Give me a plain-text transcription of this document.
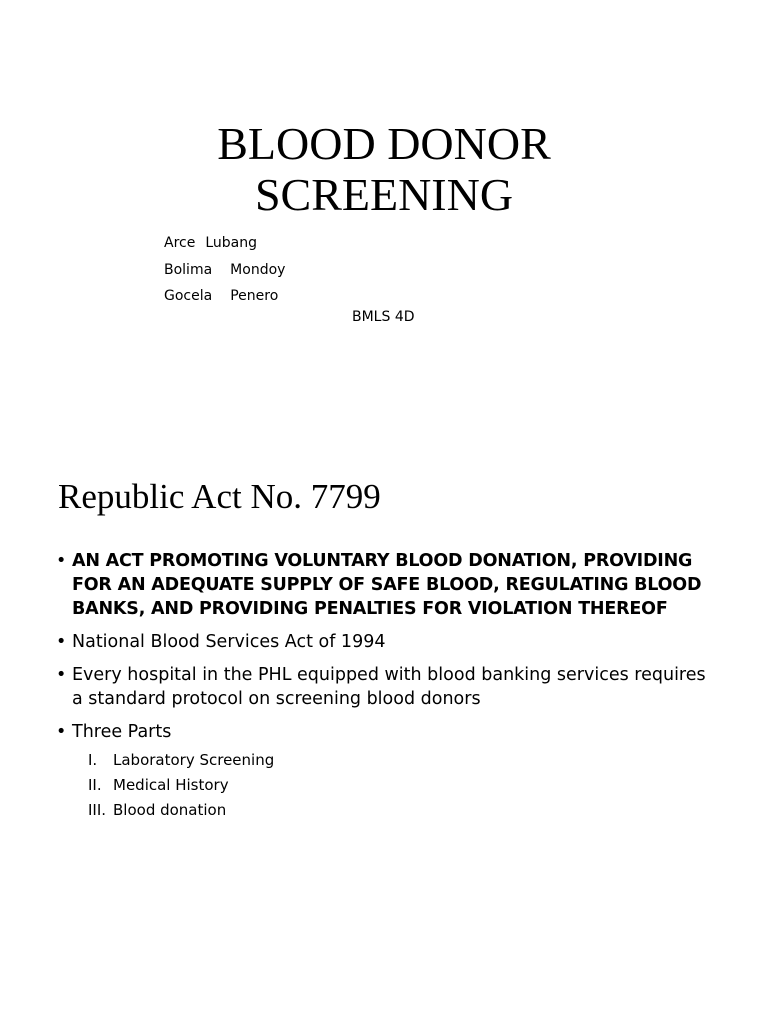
BLOOD DONOR
SCREENING
Arce Lubang
Bolima Mondoy
Gocela Penero
BMLS 4D
Republic Act No. 7799
• AN ACT PROMOTING VOLUNTARY BLOOD DONATION, PROVIDING FOR AN ADEQUATE SUPPLY OF SAFE BLOOD, REGULATING BLOOD BANKS, AND PROVIDING PENALTIES FOR VIOLATION THEREOF
• National Blood Services Act of 1994
• Every hospital in the PHL equipped with blood banking services requires a standard protocol on screening blood donors
• Three Parts
I. Laboratory Screening
II. Medical History
III. Blood donation
